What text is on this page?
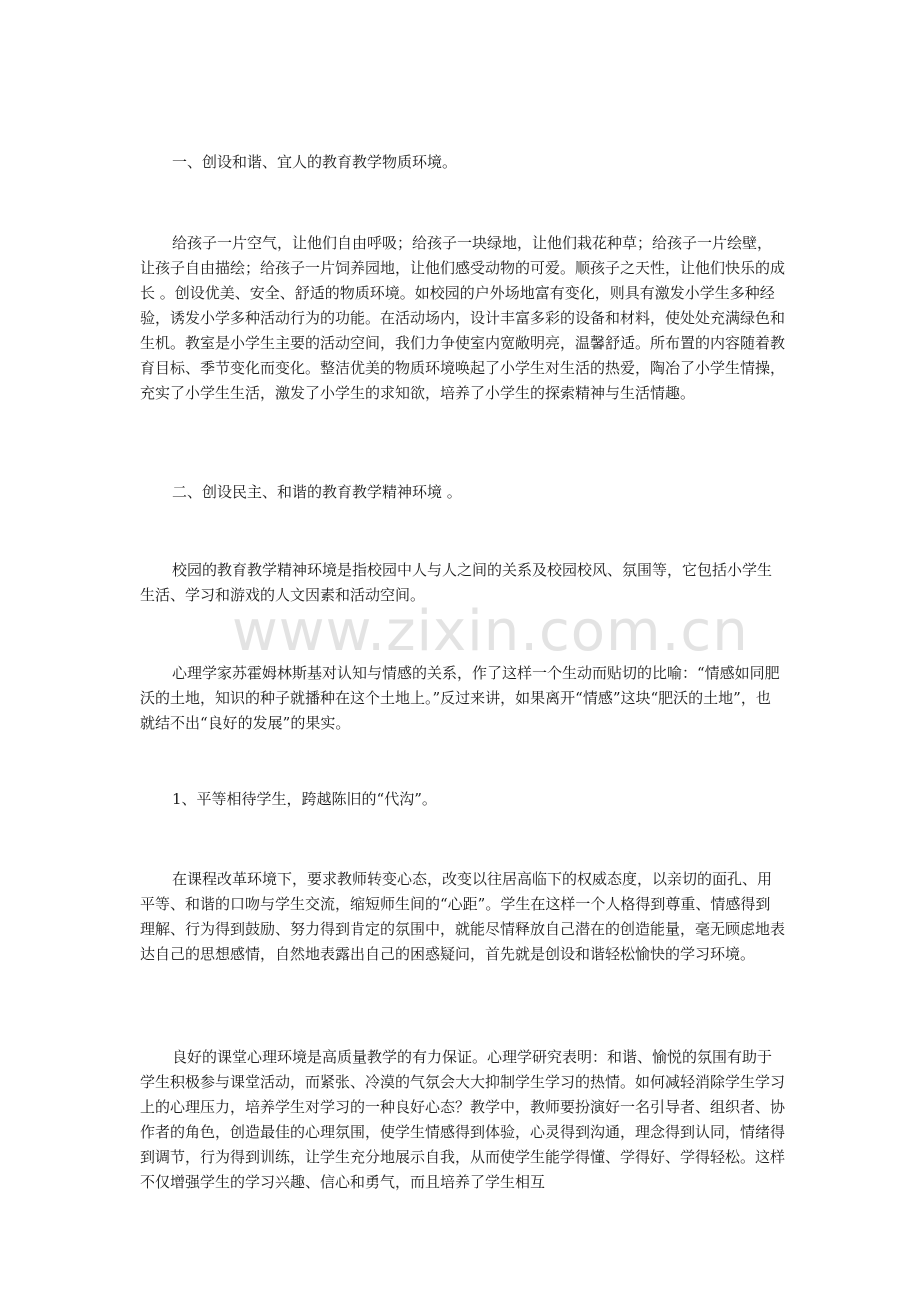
www.zixin.com.cn

一、创设和谐、宜人的教育教学物质环境。

给孩子一片空气，让他们自由呼吸；给孩子一块绿地，让他们栽花种草；给孩子一片绘壁，让孩子自由描绘；给孩子一片饲养园地，让他们感受动物的可爱。顺孩子之天性，让他们快乐的成长 。创设优美、安全、舒适的物质环境。如校园的户外场地富有变化，则具有激发小学生多种经验，诱发小学多种活动行为的功能。在活动场内，设计丰富多彩的设备和材料，使处处充满绿色和生机。教室是小学生主要的活动空间，我们力争使室内宽敞明亮，温馨舒适。所布置的内容随着教育目标、季节变化而变化。整洁优美的物质环境唤起了小学生对生活的热爱，陶冶了小学生情操，充实了小学生生活，激发了小学生的求知欲，培养了小学生的探索精神与生活情趣。

二、创设民主、和谐的教育教学精神环境 。

校园的教育教学精神环境是指校园中人与人之间的关系及校园校风、氛围等，它包括小学生生活、学习和游戏的人文因素和活动空间。

心理学家苏霍姆林斯基对认知与情感的关系，作了这样一个生动而贴切的比喻：“情感如同肥沃的土地，知识的种子就播种在这个土地上。”反过来讲，如果离开“情感”这块“肥沃的土地”，也就结不出“良好的发展”的果实。

1、平等相待学生，跨越陈旧的“代沟”。

在课程改革环境下，要求教师转变心态，改变以往居高临下的权威态度，以亲切的面孔、用平等、和谐的口吻与学生交流，缩短师生间的“心距”。学生在这样一个人格得到尊重、情感得到理解、行为得到鼓励、努力得到肯定的氛围中，就能尽情释放自己潜在的创造能量，毫无顾虑地表达自己的思想感情，自然地表露出自己的困惑疑问，首先就是创设和谐轻松愉快的学习环境。

良好的课堂心理环境是高质量教学的有力保证。心理学研究表明：和谐、愉悦的氛围有助于学生积极参与课堂活动，而紧张、冷漠的气氛会大大抑制学生学习的热情。如何减轻消除学生学习上的心理压力，培养学生对学习的一种良好心态？教学中，教师要扮演好一名引导者、组织者、协作者的角色，创造最佳的心理氛围，使学生情感得到体验，心灵得到沟通，理念得到认同，情绪得到调节，行为得到训练，让学生充分地展示自我，从而使学生能学得懂、学得好、学得轻松。这样不仅增强学生的学习兴趣、信心和勇气，而且培养了学生相互
